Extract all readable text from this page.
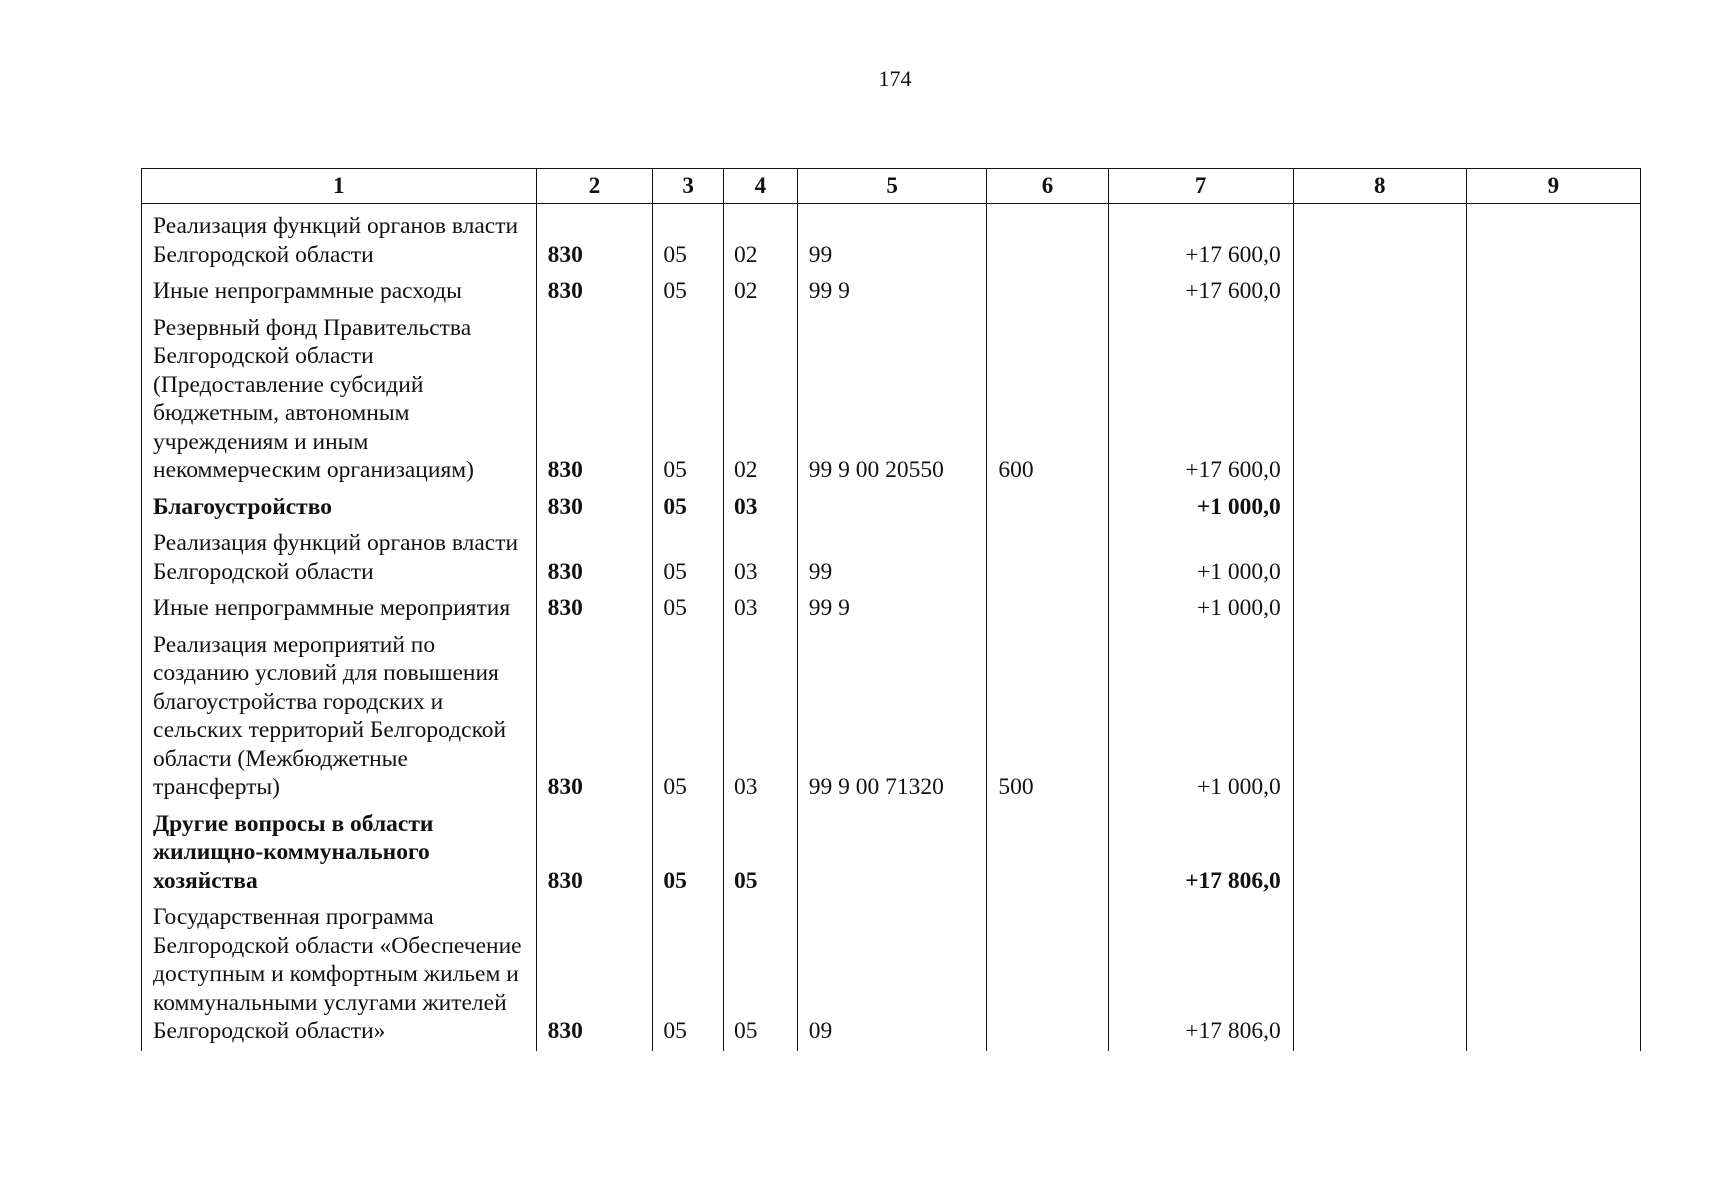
174
1	2	3	4	5	6	7	8	9
Реализация функций органов власти Белгородской области	830	05	02	99		+17 600,0		
Иные непрограммные расходы	830	05	02	99 9		+17 600,0		
Резервный фонд Правительства Белгородской области (Предоставление субсидий бюджетным, автономным учреждениям и иным некоммерческим организациям)	830	05	02	99 9 00 20550	600	+17 600,0		
Благоустройство	830	05	03			+1 000,0		
Реализация функций органов власти Белгородской области	830	05	03	99		+1 000,0		
Иные непрограммные мероприятия	830	05	03	99 9		+1 000,0		
Реализация мероприятий по созданию условий для повышения благоустройства городских и сельских территорий Белгородской области (Межбюджетные трансферты)	830	05	03	99 9 00 71320	500	+1 000,0		
Другие вопросы в области жилищно-коммунального хозяйства	830	05	05			+17 806,0		
Государственная программа Белгородской области «Обеспечение доступным и комфортным жильем и коммунальными услугами жителей Белгородской области»	830	05	05	09		+17 806,0		
